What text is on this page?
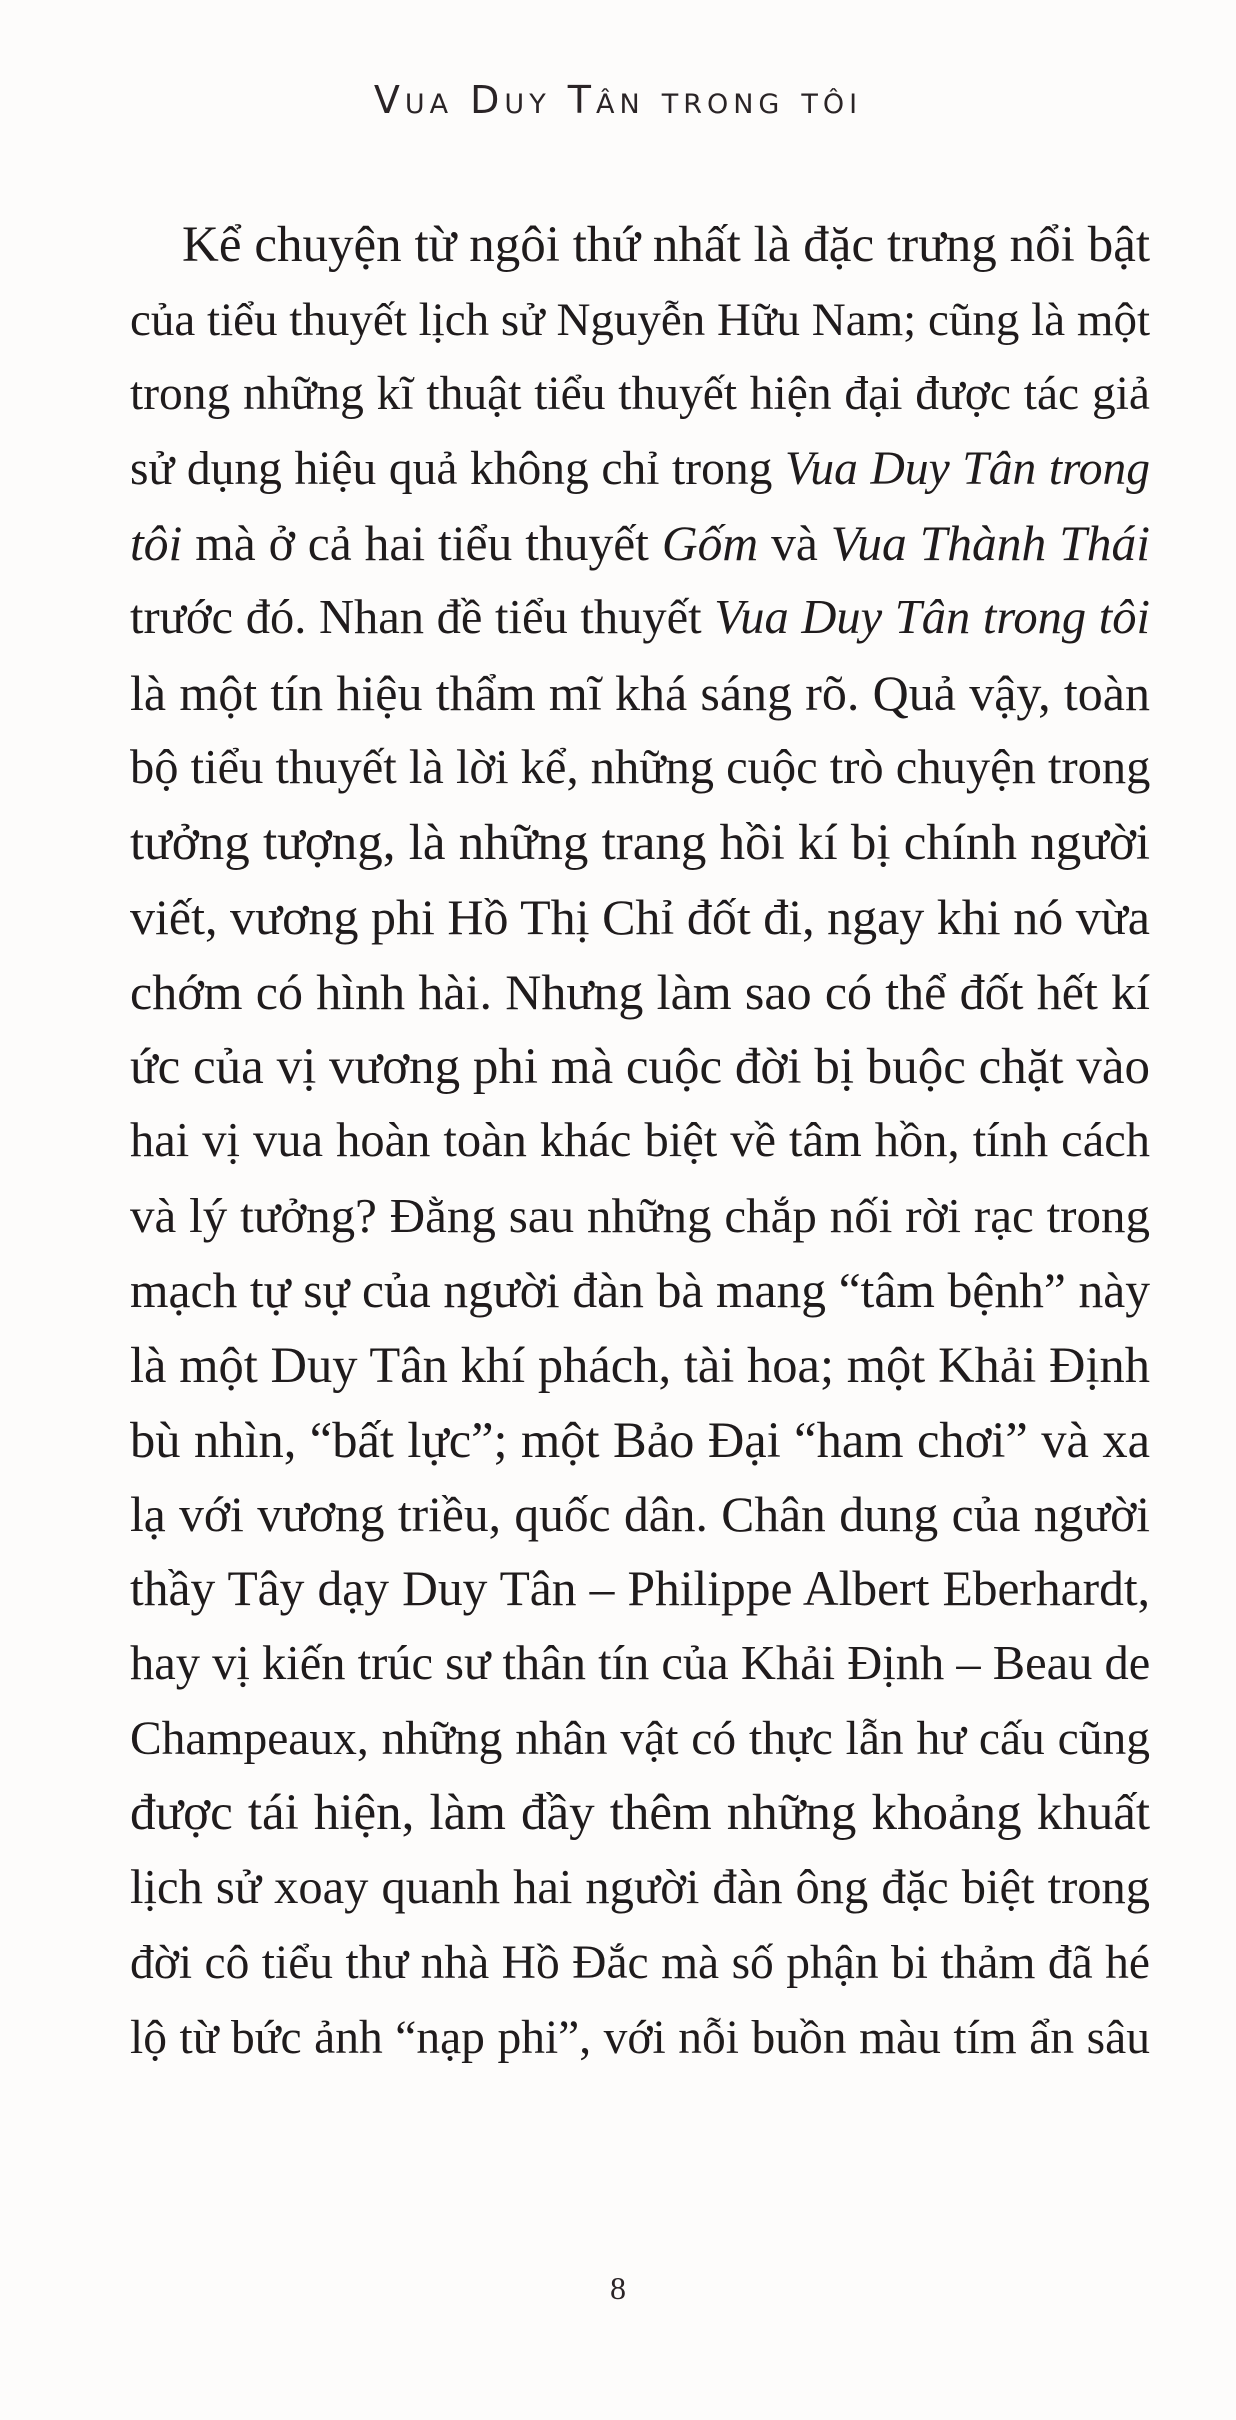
Vua Duy Tân trong tôi
Kể chuyện từ ngôi thứ nhất là đặc trưng nổi bật
của tiểu thuyết lịch sử Nguyễn Hữu Nam; cũng là một
trong những kĩ thuật tiểu thuyết hiện đại được tác giả
sử dụng hiệu quả không chỉ trong Vua Duy Tân trong
tôi mà ở cả hai tiểu thuyết Gốm và Vua Thành Thái
trước đó. Nhan đề tiểu thuyết Vua Duy Tân trong tôi
là một tín hiệu thẩm mĩ khá sáng rõ. Quả vậy, toàn
bộ tiểu thuyết là lời kể, những cuộc trò chuyện trong
tưởng tượng, là những trang hồi kí bị chính người
viết, vương phi Hồ Thị Chỉ đốt đi, ngay khi nó vừa
chớm có hình hài. Nhưng làm sao có thể đốt hết kí
ức của vị vương phi mà cuộc đời bị buộc chặt vào
hai vị vua hoàn toàn khác biệt về tâm hồn, tính cách
và lý tưởng? Đằng sau những chắp nối rời rạc trong
mạch tự sự của người đàn bà mang “tâm bệnh” này
là một Duy Tân khí phách, tài hoa; một Khải Định
bù nhìn, “bất lực”; một Bảo Đại “ham chơi” và xa
lạ với vương triều, quốc dân. Chân dung của người
thầy Tây dạy Duy Tân – Philippe Albert Eberhardt,
hay vị kiến trúc sư thân tín của Khải Định – Beau de
Champeaux, những nhân vật có thực lẫn hư cấu cũng
được tái hiện, làm đầy thêm những khoảng khuất
lịch sử xoay quanh hai người đàn ông đặc biệt trong
đời cô tiểu thư nhà Hồ Đắc mà số phận bi thảm đã hé
lộ từ bức ảnh “nạp phi”, với nỗi buồn màu tím ẩn sâu
8
